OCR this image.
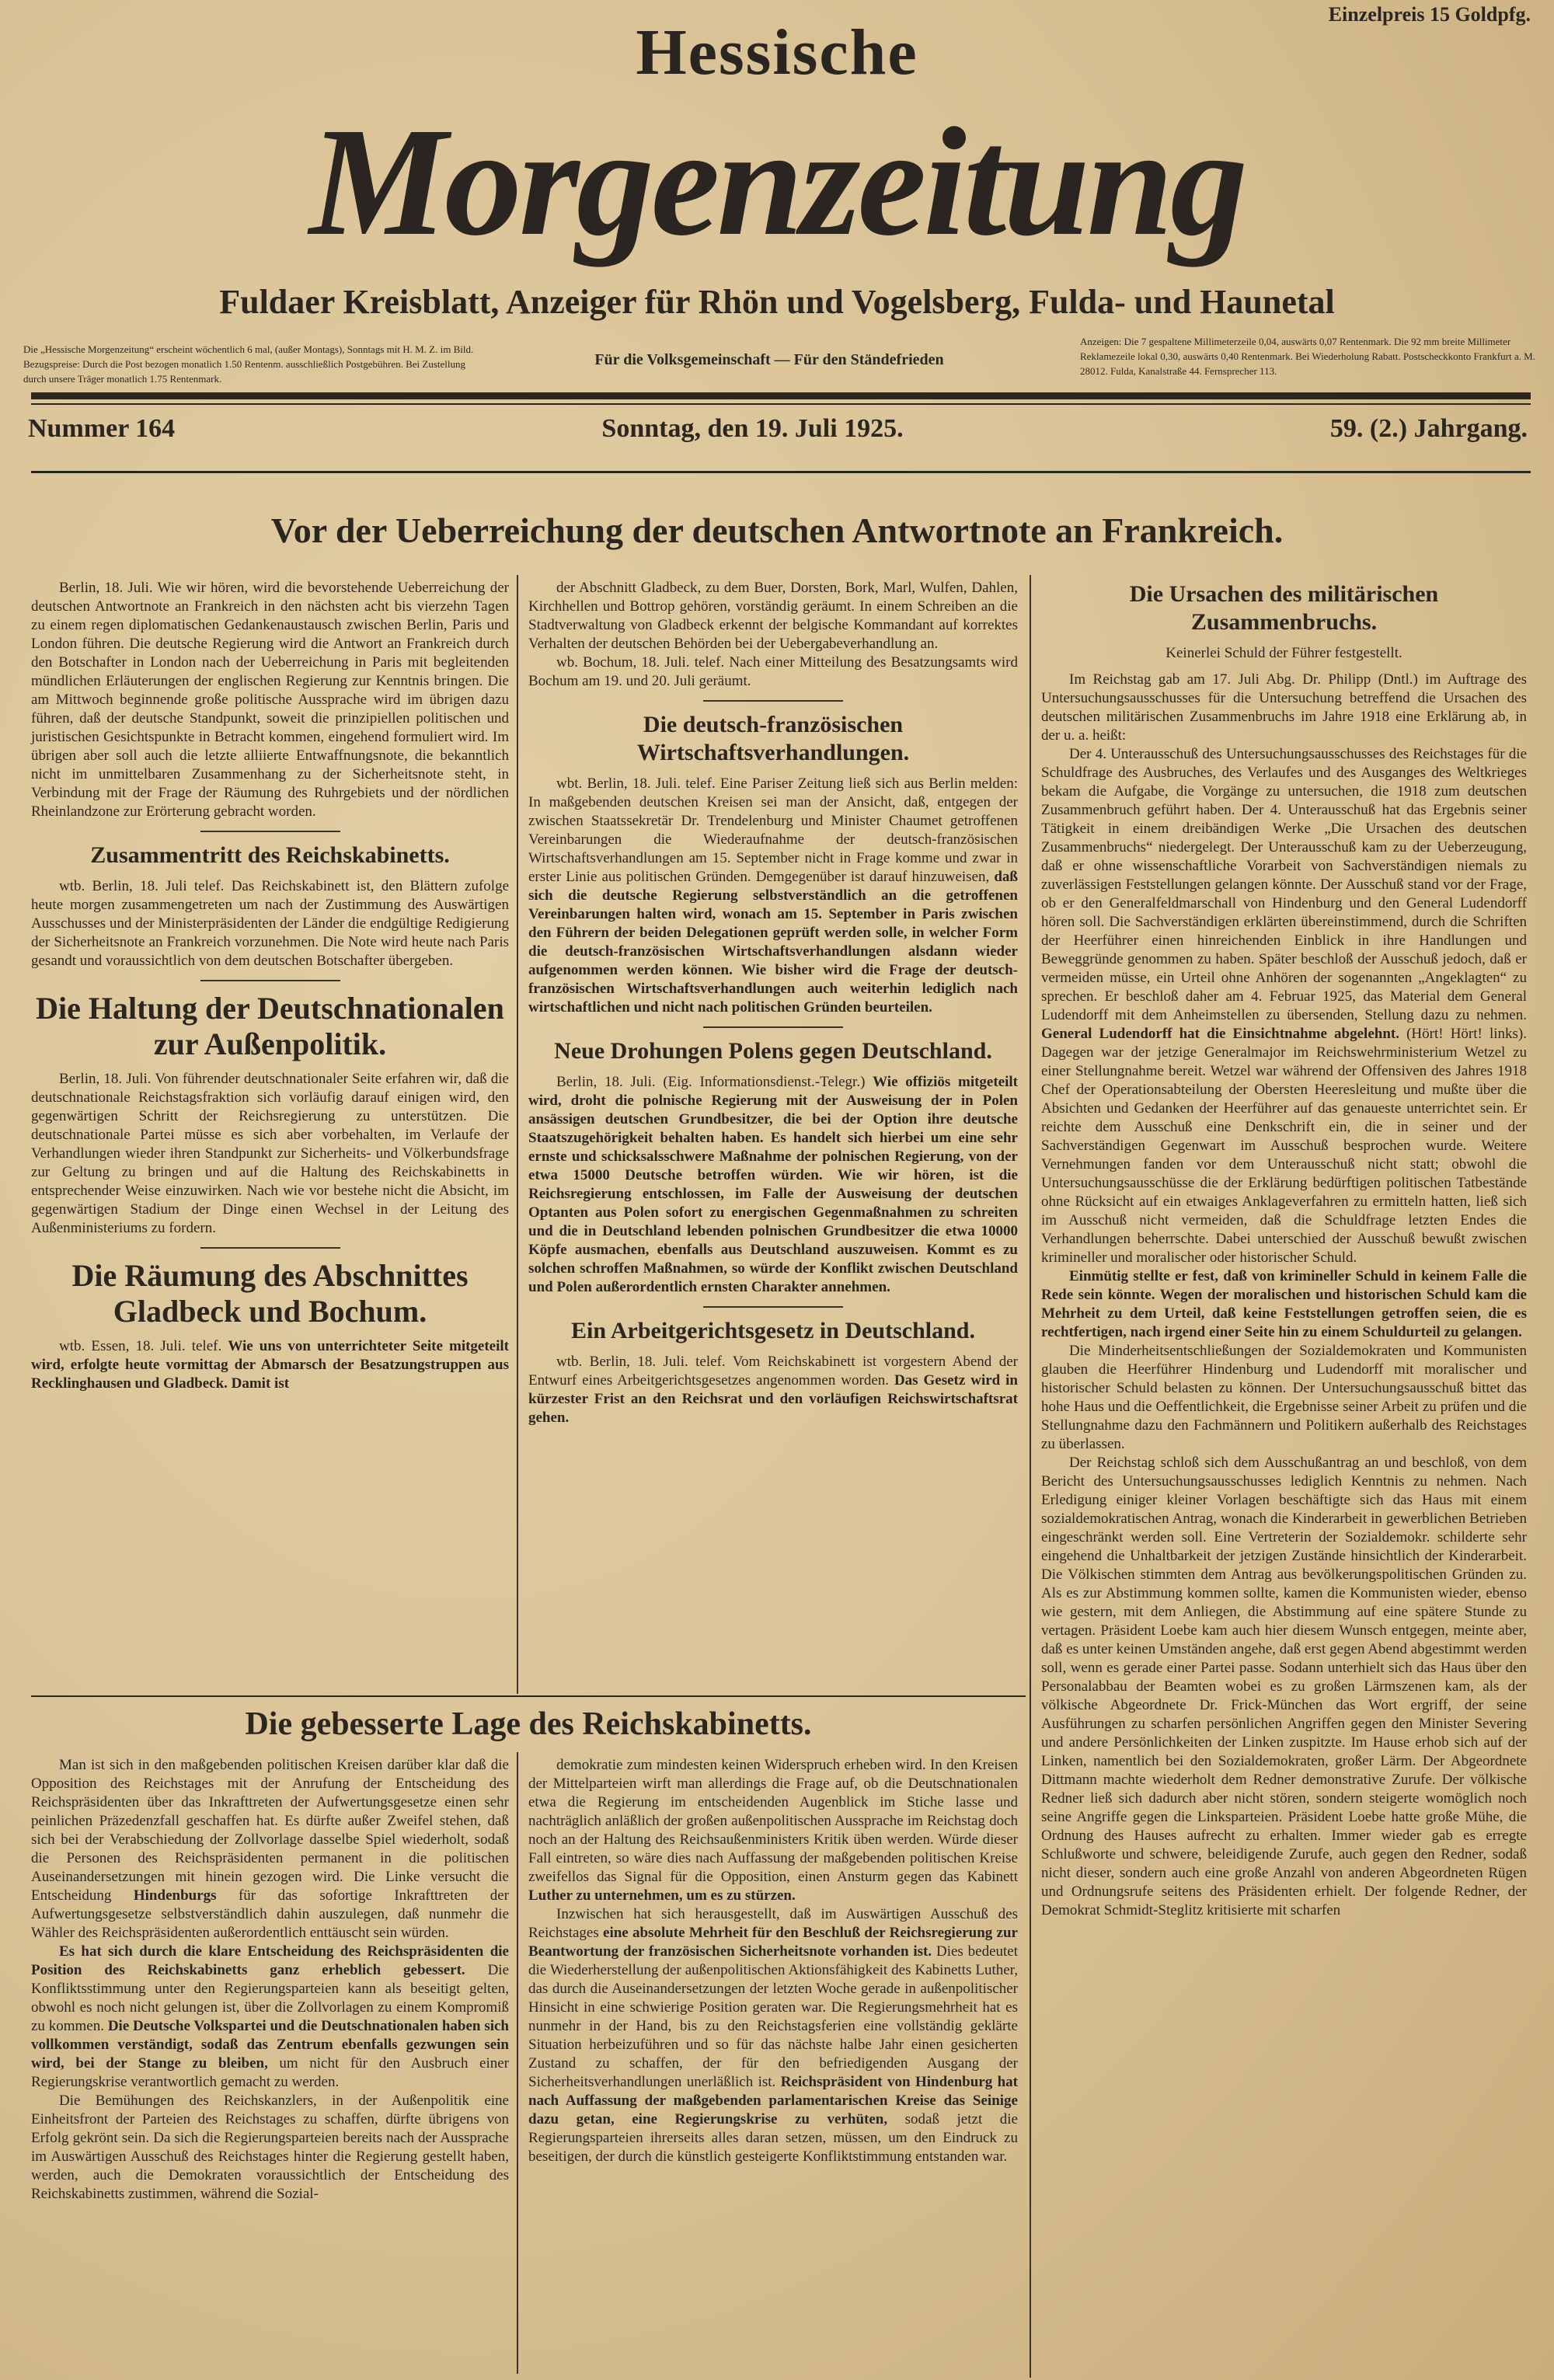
Einzelpreis 15 Goldpfg.
Hessische
Morgenzeitung
Fuldaer Kreisblatt, Anzeiger für Rhön und Vogelsberg, Fulda- und Haunetal
Die „Hessische Morgenzeitung“ erscheint wöchentlich 6 mal, (außer Montags), Sonntags mit H. M. Z. im Bild. Bezugspreise: Durch die Post bezogen monatlich 1.50 Rentenm. ausschließlich Postgebühren. Bei Zustellung durch unsere Träger monatlich 1.75 Rentenmark.
Für die Volksgemeinschaft — Für den Ständefrieden
Anzeigen: Die 7 gespaltene Millimeterzeile 0,04, auswärts 0,07 Rentenmark. Die 92 mm breite Millimeter Reklamezeile lokal 0,30, auswärts 0,40 Rentenmark. Bei Wiederholung Rabatt. Postscheckkonto Frankfurt a. M. 28012. Fulda, Kanalstraße 44. Fernsprecher 113.
Nummer 164	Sonntag, den 19. Juli 1925.	59. (2.) Jahrgang.
Vor der Ueberreichung der deutschen Antwortnote an Frankreich.

Berlin, 18. Juli. Wie wir hören, wird die bevorstehende Ueberreichung der deutschen Antwortnote an Frankreich in den nächsten acht bis vierzehn Tagen zu einem regen diplomatischen Gedankenaustausch zwischen Berlin, Paris und London führen. Die deutsche Regierung wird die Antwort an Frankreich durch den Botschafter in London nach der Ueberreichung in Paris mit begleitenden mündlichen Erläuterungen der englischen Regierung zur Kenntnis bringen. Die am Mittwoch beginnende große politische Aussprache wird im übrigen dazu führen, daß der deutsche Standpunkt, soweit die prinzipiellen politischen und juristischen Gesichtspunkte in Betracht kommen, eingehend formuliert wird. Im übrigen aber soll auch die letzte alliierte Entwaffnungsnote, die bekanntlich nicht im unmittelbaren Zusammenhang zu der Sicherheitsnote steht, in Verbindung mit der Frage der Räumung des Ruhrgebiets und der nördlichen Rheinlandzone zur Erörterung gebracht worden.

Zusammentritt des Reichskabinetts.

wtb. Berlin, 18. Juli telef. Das Reichskabinett ist, den Blättern zufolge heute morgen zusammengetreten um nach der Zustimmung des Auswärtigen Ausschusses und der Ministerpräsidenten der Länder die endgültige Redigierung der Sicherheitsnote an Frankreich vorzunehmen. Die Note wird heute nach Paris gesandt und voraussichtlich von dem deutschen Botschafter übergeben.

Die Haltung der Deutschnationalen zur Außenpolitik.

Berlin, 18. Juli. Von führender deutschnationaler Seite erfahren wir, daß die deutschnationale Reichstagsfraktion sich vorläufig darauf einigen wird, den gegenwärtigen Schritt der Reichsregierung zu unterstützen. Die deutschnationale Partei müsse es sich aber vorbehalten, im Verlaufe der Verhandlungen wieder ihren Standpunkt zur Sicherheits- und Völkerbundsfrage zur Geltung zu bringen und auf die Haltung des Reichskabinetts in entsprechender Weise einzuwirken. Nach wie vor bestehe nicht die Absicht, im gegenwärtigen Stadium der Dinge einen Wechsel in der Leitung des Außenministeriums zu fordern.

Die Räumung des Abschnittes Gladbeck und Bochum.

wtb. Essen, 18. Juli. telef. Wie uns von unterrichteter Seite mitgeteilt wird, erfolgte heute vormittag der Abmarsch der Besatzungstruppen aus Recklinghausen und Gladbeck. Damit ist

der Abschnitt Gladbeck, zu dem Buer, Dorsten, Bork, Marl, Wulfen, Dahlen, Kirchhellen und Bottrop gehören, vorständig geräumt. In einem Schreiben an die Stadtverwaltung von Gladbeck erkennt der belgische Kommandant auf korrektes Verhalten der deutschen Behörden bei der Uebergabeverhandlung an.

wb. Bochum, 18. Juli. telef. Nach einer Mitteilung des Besatzungsamts wird Bochum am 19. und 20. Juli geräumt.

Die deutsch-französischen Wirtschaftsverhandlungen.

wbt. Berlin, 18. Juli. telef. Eine Pariser Zeitung ließ sich aus Berlin melden: In maßgebenden deutschen Kreisen sei man der Ansicht, daß, entgegen der zwischen Staatssekretär Dr. Trendelenburg und Minister Chaumet getroffenen Vereinbarungen die Wiederaufnahme der deutsch-französischen Wirtschaftsverhandlungen am 15. September nicht in Frage komme und zwar in erster Linie aus politischen Gründen. Demgegenüber ist darauf hinzuweisen, daß sich die deutsche Regierung selbstverständlich an die getroffenen Vereinbarungen halten wird, wonach am 15. September in Paris zwischen den Führern der beiden Delegationen geprüft werden solle, in welcher Form die deutsch-französischen Wirtschaftsverhandlungen alsdann wieder aufgenommen werden können. Wie bisher wird die Frage der deutsch-französischen Wirtschaftsverhandlungen auch weiterhin lediglich nach wirtschaftlichen und nicht nach politischen Gründen beurteilen.

Neue Drohungen Polens gegen Deutschland.

Berlin, 18. Juli. (Eig. Informationsdienst.-Telegr.) Wie offiziös mitgeteilt wird, droht die polnische Regierung mit der Ausweisung der in Polen ansässigen deutschen Grundbesitzer, die bei der Option ihre deutsche Staatszugehörigkeit behalten haben. Es handelt sich hierbei um eine sehr ernste und schicksalsschwere Maßnahme der polnischen Regierung, von der etwa 15000 Deutsche betroffen würden. Wie wir hören, ist die Reichsregierung entschlossen, im Falle der Ausweisung der deutschen Optanten aus Polen sofort zu energischen Gegenmaßnahmen zu schreiten und die in Deutschland lebenden polnischen Grundbesitzer die etwa 10000 Köpfe ausmachen, ebenfalls aus Deutschland auszuweisen. Kommt es zu solchen schroffen Maßnahmen, so würde der Konflikt zwischen Deutschland und Polen außerordentlich ernsten Charakter annehmen.

Ein Arbeitgerichtsgesetz in Deutschland.

wtb. Berlin, 18. Juli. telef. Vom Reichskabinett ist vorgestern Abend der Entwurf eines Arbeitgerichtsgesetzes angenommen worden. Das Gesetz wird in kürzester Frist an den Reichsrat und den vorläufigen Reichswirtschaftsrat gehen.

Die Ursachen des militärischen Zusammenbruchs.
Keinerlei Schuld der Führer festgestellt.

Im Reichstag gab am 17. Juli Abg. Dr. Philipp (Dntl.) im Auftrage des Untersuchungsausschusses für die Untersuchung betreffend die Ursachen des deutschen militärischen Zusammenbruchs im Jahre 1918 eine Erklärung ab, in der u. a. heißt:

Der 4. Unterausschuß des Untersuchungsausschusses des Reichstages für die Schuldfrage des Ausbruches, des Verlaufes und des Ausganges des Weltkrieges bekam die Aufgabe, die Vorgänge zu untersuchen, die 1918 zum deutschen Zusammenbruch geführt haben. Der 4. Unterausschuß hat das Ergebnis seiner Tätigkeit in einem dreibändigen Werke „Die Ursachen des deutschen Zusammenbruchs“ niedergelegt. Der Unterausschuß kam zu der Ueberzeugung, daß er ohne wissenschaftliche Vorarbeit von Sachverständigen niemals zu zuverlässigen Feststellungen gelangen könnte. Der Ausschuß stand vor der Frage, ob er den Generalfeldmarschall von Hindenburg und den General Ludendorff hören soll. Die Sachverständigen erklärten übereinstimmend, durch die Schriften der Heerführer einen hinreichenden Einblick in ihre Handlungen und Beweggründe genommen zu haben. Später beschloß der Ausschuß jedoch, daß er vermeiden müsse, ein Urteil ohne Anhören der sogenannten „Angeklagten“ zu sprechen. Er beschloß daher am 4. Februar 1925, das Material dem General Ludendorff mit dem Anheimstellen zu übersenden, Stellung dazu zu nehmen. General Ludendorff hat die Einsichtnahme abgelehnt. (Hört! Hört! links). Dagegen war der jetzige Generalmajor im Reichswehrministerium Wetzel zu einer Stellungnahme bereit. Wetzel war während der Offensiven des Jahres 1918 Chef der Operationsabteilung der Obersten Heeresleitung und mußte über die Absichten und Gedanken der Heerführer auf das genaueste unterrichtet sein. Er reichte dem Ausschuß eine Denkschrift ein, die in seiner und der Sachverständigen Gegenwart im Ausschuß besprochen wurde. Weitere Vernehmungen fanden vor dem Unterausschuß nicht statt; obwohl die Untersuchungsausschüsse die der Erklärung bedürftigen politischen Tatbestände ohne Rücksicht auf ein etwaiges Anklageverfahren zu ermitteln hatten, ließ sich im Ausschuß nicht vermeiden, daß die Schuldfrage letzten Endes die Verhandlungen beherrschte. Dabei unterschied der Ausschuß bewußt zwischen krimineller und moralischer oder historischer Schuld.

Einmütig stellte er fest, daß von krimineller Schuld in keinem Falle die Rede sein könnte. Wegen der moralischen und historischen Schuld kam die Mehrheit zu dem Urteil, daß keine Feststellungen getroffen seien, die es rechtfertigen, nach irgend einer Seite hin zu einem Schuldurteil zu gelangen.

Die Minderheitsentschließungen der Sozialdemokraten und Kommunisten glauben die Heerführer Hindenburg und Ludendorff mit moralischer und historischer Schuld belasten zu können. Der Untersuchungsausschuß bittet das hohe Haus und die Oeffentlichkeit, die Ergebnisse seiner Arbeit zu prüfen und die Stellungnahme dazu den Fachmännern und Politikern außerhalb des Reichstages zu überlassen.

Der Reichstag schloß sich dem Ausschußantrag an und beschloß, von dem Bericht des Untersuchungsausschusses lediglich Kenntnis zu nehmen. Nach Erledigung einiger kleiner Vorlagen beschäftigte sich das Haus mit einem sozialdemokratischen Antrag, wonach die Kinderarbeit in gewerblichen Betrieben eingeschränkt werden soll. Eine Vertreterin der Sozialdemokr. schilderte sehr eingehend die Unhaltbarkeit der jetzigen Zustände hinsichtlich der Kinderarbeit. Die Völkischen stimmten dem Antrag aus bevölkerungspolitischen Gründen zu. Als es zur Abstimmung kommen sollte, kamen die Kommunisten wieder, ebenso wie gestern, mit dem Anliegen, die Abstimmung auf eine spätere Stunde zu vertagen. Präsident Loebe kam auch hier diesem Wunsch entgegen, meinte aber, daß es unter keinen Umständen angehe, daß erst gegen Abend abgestimmt werden soll, wenn es gerade einer Partei passe. Sodann unterhielt sich das Haus über den Personalabbau der Beamten wobei es zu großen Lärmszenen kam, als der völkische Abgeordnete Dr. Frick-München das Wort ergriff, der seine Ausführungen zu scharfen persönlichen Angriffen gegen den Minister Severing und andere Persönlichkeiten der Linken zuspitzte. Im Hause erhob sich auf der Linken, namentlich bei den Sozialdemokraten, großer Lärm. Der Abgeordnete Dittmann machte wiederholt dem Redner demonstrative Zurufe. Der völkische Redner ließ sich dadurch aber nicht stören, sondern steigerte womöglich noch seine Angriffe gegen die Linksparteien. Präsident Loebe hatte große Mühe, die Ordnung des Hauses aufrecht zu erhalten. Immer wieder gab es erregte Schlußworte und schwere, beleidigende Zurufe, auch gegen den Redner, sodaß nicht dieser, sondern auch eine große Anzahl von anderen Abgeordneten Rügen und Ordnungsrufe seitens des Präsidenten erhielt. Der folgende Redner, der Demokrat Schmidt-Steglitz kritisierte mit scharfen

Die gebesserte Lage des Reichskabinetts.

Man ist sich in den maßgebenden politischen Kreisen darüber klar daß die Opposition des Reichstages mit der Anrufung der Entscheidung des Reichspräsidenten über das Inkrafttreten der Aufwertungsgesetze einen sehr peinlichen Präzedenzfall geschaffen hat. Es dürfte außer Zweifel stehen, daß sich bei der Verabschiedung der Zollvorlage dasselbe Spiel wiederholt, sodaß die Personen des Reichspräsidenten permanent in die politischen Auseinandersetzungen mit hinein gezogen wird. Die Linke versucht die Entscheidung Hindenburgs für das sofortige Inkrafttreten der Aufwertungsgesetze selbstverständlich dahin auszulegen, daß nunmehr die Wähler des Reichspräsidenten außerordentlich enttäuscht sein würden.

Es hat sich durch die klare Entscheidung des Reichspräsidenten die Position des Reichskabinetts ganz erheblich gebessert. Die Konfliktsstimmung unter den Regierungsparteien kann als beseitigt gelten, obwohl es noch nicht gelungen ist, über die Zollvorlagen zu einem Kompromiß zu kommen. Die Deutsche Volkspartei und die Deutschnationalen haben sich vollkommen verständigt, sodaß das Zentrum ebenfalls gezwungen sein wird, bei der Stange zu bleiben, um nicht für den Ausbruch einer Regierungskrise verantwortlich gemacht zu werden.

Die Bemühungen des Reichskanzlers, in der Außenpolitik eine Einheitsfront der Parteien des Reichstages zu schaffen, dürfte übrigens von Erfolg gekrönt sein. Da sich die Regierungsparteien bereits nach der Aussprache im Auswärtigen Ausschuß des Reichstages hinter die Regierung gestellt haben, werden, auch die Demokraten voraussichtlich der Entscheidung des Reichskabinetts zustimmen, während die Sozial-

demokratie zum mindesten keinen Widerspruch erheben wird. In den Kreisen der Mittelparteien wirft man allerdings die Frage auf, ob die Deutschnationalen etwa die Regierung im entscheidenden Augenblick im Stiche lasse und nachträglich anläßlich der großen außenpolitischen Aussprache im Reichstag doch noch an der Haltung des Reichsaußenministers Kritik üben werden. Würde dieser Fall eintreten, so wäre dies nach Auffassung der maßgebenden politischen Kreise zweifellos das Signal für die Opposition, einen Ansturm gegen das Kabinett Luther zu unternehmen, um es zu stürzen.

Inzwischen hat sich herausgestellt, daß im Auswärtigen Ausschuß des Reichstages eine absolute Mehrheit für den Beschluß der Reichsregierung zur Beantwortung der französischen Sicherheitsnote vorhanden ist. Dies bedeutet die Wiederherstellung der außenpolitischen Aktionsfähigkeit des Kabinetts Luther, das durch die Auseinandersetzungen der letzten Woche gerade in außenpolitischer Hinsicht in eine schwierige Position geraten war. Die Regierungsmehrheit hat es nunmehr in der Hand, bis zu den Reichstagsferien eine vollständig geklärte Situation herbeizuführen und so für das nächste halbe Jahr einen gesicherten Zustand zu schaffen, der für den befriedigenden Ausgang der Sicherheitsverhandlungen unerläßlich ist. Reichspräsident von Hindenburg hat nach Auffassung der maßgebenden parlamentarischen Kreise das Seinige dazu getan, eine Regierungskrise zu verhüten, sodaß jetzt die Regierungsparteien ihrerseits alles daran setzen, müssen, um den Eindruck zu beseitigen, der durch die künstlich gesteigerte Konfliktstimmung entstanden war.
